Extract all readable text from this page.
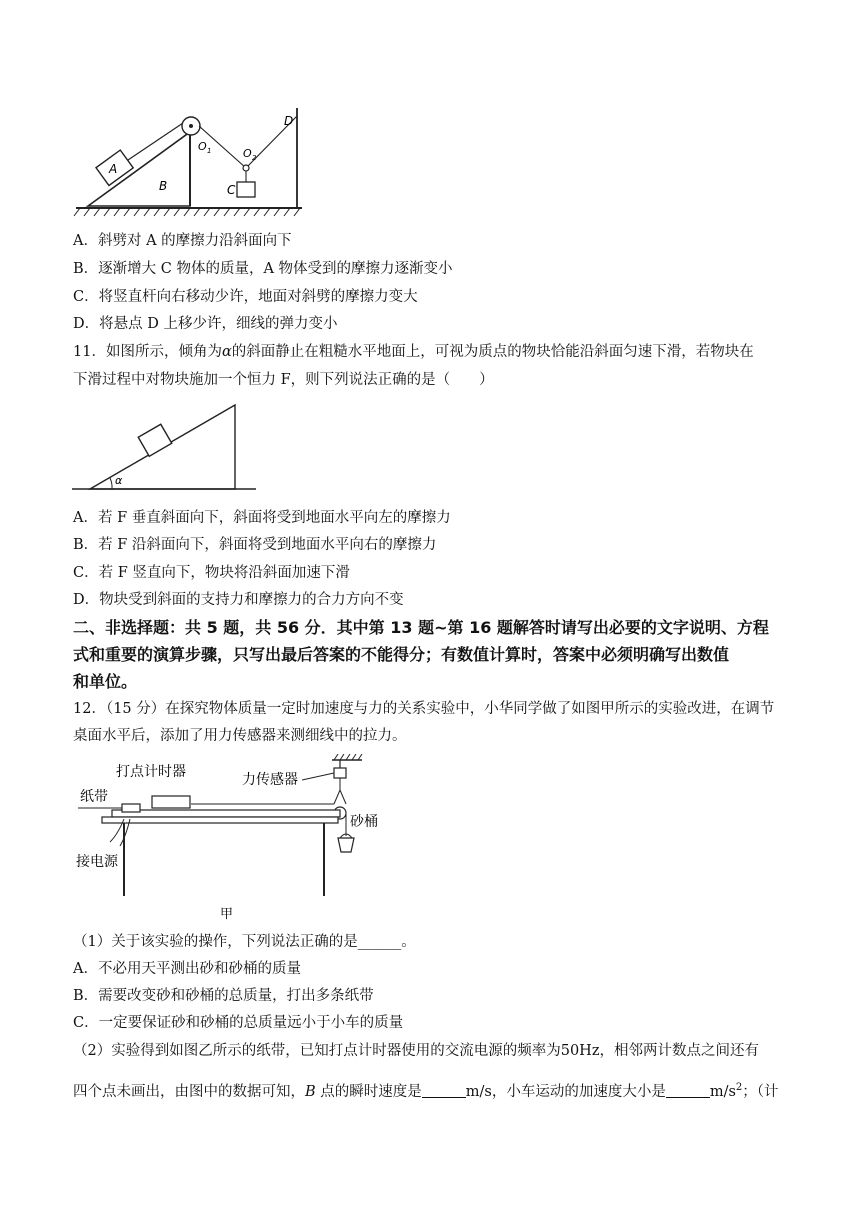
A
B
O 1	O 2
C
D
A．斜劈对 A 的摩擦力沿斜面向下
B．逐渐增大 C 物体的质量，A 物体受到的摩擦力逐渐变小
C．将竖直杆向右移动少许，地面对斜劈的摩擦力变大
D．将悬点 D 上移少许，细线的弹力变小
11．如图所示，倾角为α的斜面静止在粗糙水平地面上，可视为质点的物块恰能沿斜面匀速下滑，若物块在
下滑过程中对物块施加一个恒力 F，则下列说法正确的是（　　）
α
A．若 F 垂直斜面向下，斜面将受到地面水平向左的摩擦力
B．若 F 沿斜面向下，斜面将受到地面水平向右的摩擦力
C．若 F 竖直向下，物块将沿斜面加速下滑
D．物块受到斜面的支持力和摩擦力的合力方向不变
二、非选择题：共 5 题，共 56 分．其中第 13 题~第 16 题解答时请写出必要的文字说明、方程
式和重要的演算步骤，只写出最后答案的不能得分；有数值计算时，答案中必须明确写出数值
和单位。
12．（15 分）在探究物体质量一定时加速度与力的关系实验中，小华同学做了如图甲所示的实验改进，在调节
桌面水平后，添加了用力传感器来测细线中的拉力。
打点计时器	力传感器
纸带
砂桶
接电源
甲
（1）关于该实验的操作，下列说法正确的是______。
A．不必用天平测出砂和砂桶的质量
B．需要改变砂和砂桶的总质量，打出多条纸带
C．一定要保证砂和砂桶的总质量远小于小车的质量
（2）实验得到如图乙所示的纸带，已知打点计时器使用的交流电源的频率为50Hz，相邻两计数点之间还有
四个点未画出，由图中的数据可知，B 点的瞬时速度是	m/s，小车运动的加速度大小是	$m/s^2$；（计
